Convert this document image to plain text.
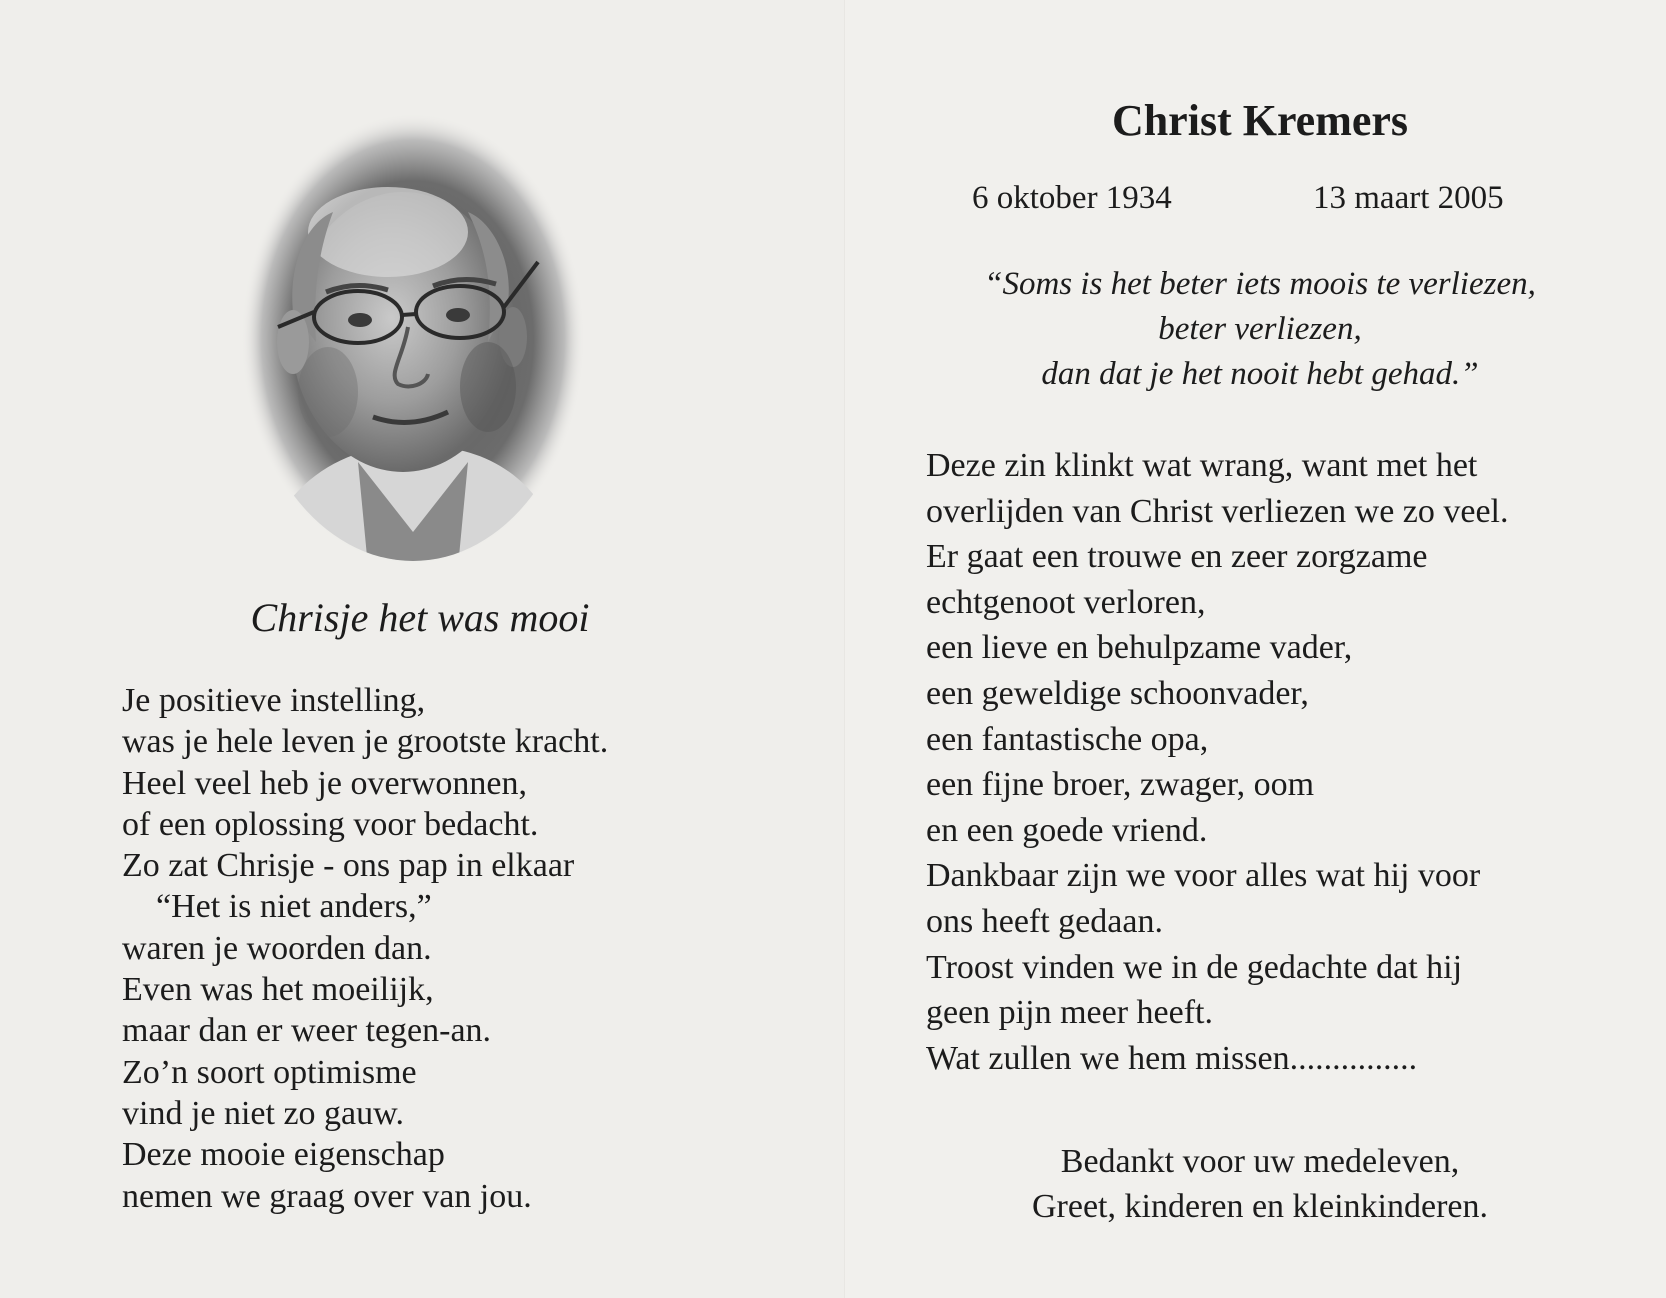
Chrisje het was mooi
Je positieve instelling,
was je hele leven je grootste kracht.
Heel veel heb je overwonnen,
of een oplossing voor bedacht.
Zo zat Chrisje - ons pap in elkaar
“Het is niet anders,”
waren je woorden dan.
Even was het moeilijk,
maar dan er weer tegen-an.
Zo’n soort optimisme
vind je niet zo gauw.
Deze mooie eigenschap
nemen we graag over van jou.
Christ Kremers
6 oktober 1934	13 maart 2005
“Soms is het beter iets moois te verliezen,
beter verliezen,
dan dat je het nooit hebt gehad.”
Deze zin klinkt wat wrang, want met het
overlijden van Christ verliezen we zo veel.
Er gaat een trouwe en zeer zorgzame
echtgenoot verloren,
een lieve en behulpzame vader,
een geweldige schoonvader,
een fantastische opa,
een fijne broer, zwager, oom
en een goede vriend.
Dankbaar zijn we voor alles wat hij voor
ons heeft gedaan.
Troost vinden we in de gedachte dat hij
geen pijn meer heeft.
Wat zullen we hem missen...............
Bedankt voor uw medeleven,
Greet, kinderen en kleinkinderen.
